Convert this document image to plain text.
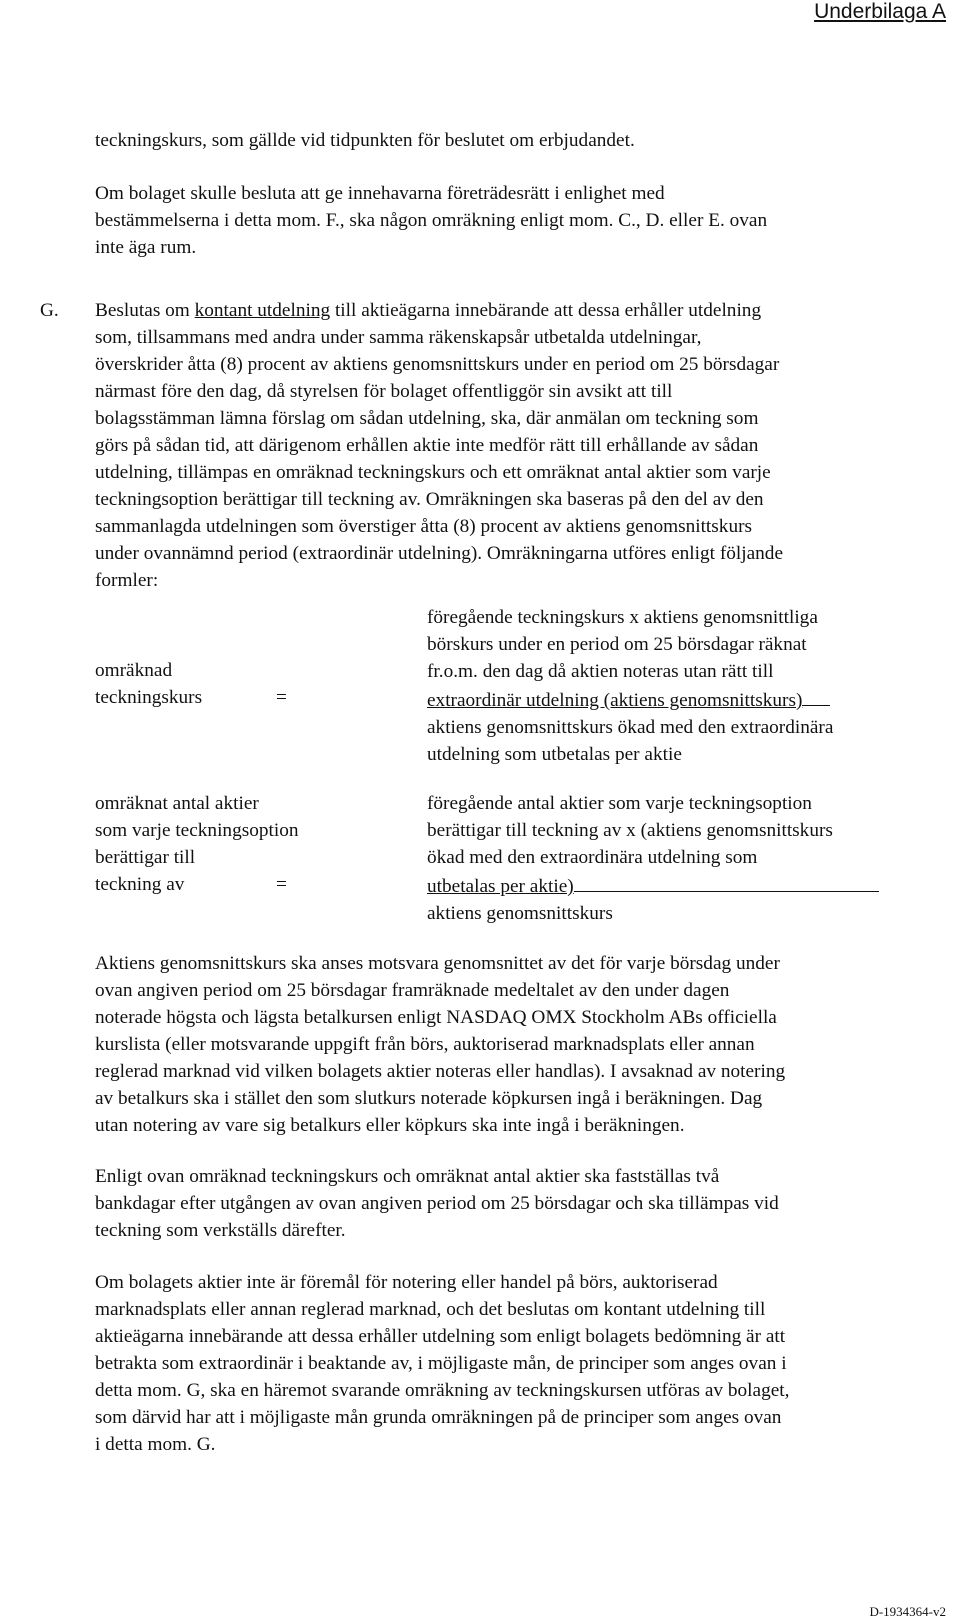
Underbilaga A

teckningskurs, som gällde vid tidpunkten för beslutet om erbjudandet.

Om bolaget skulle besluta att ge innehavarna företrädesrätt i enlighet med
bestämmelserna i detta mom. F., ska någon omräkning enligt mom. C., D. eller E. ovan
inte äga rum.

G. Beslutas om kontant utdelning till aktieägarna innebärande att dessa erhåller utdelning
som, tillsammans med andra under samma räkenskapsår utbetalda utdelningar,
överskrider åtta (8) procent av aktiens genomsnittskurs under en period om 25 börsdagar
närmast före den dag, då styrelsen för bolaget offentliggör sin avsikt att till
bolagsstämman lämna förslag om sådan utdelning, ska, där anmälan om teckning som
görs på sådan tid, att därigenom erhållen aktie inte medför rätt till erhållande av sådan
utdelning, tillämpas en omräknad teckningskurs och ett omräknat antal aktier som varje
teckningsoption berättigar till teckning av. Omräkningen ska baseras på den del av den
sammanlagda utdelningen som överstiger åtta (8) procent av aktiens genomsnittskurs
under ovannämnd period (extraordinär utdelning). Omräkningarna utföres enligt följande
formler:

omräknad
teckningskurs	=
föregående teckningskurs x aktiens genomsnittliga
börskurs under en period om 25 börsdagar räknat
fr.o.m. den dag då aktien noteras utan rätt till
extraordinär utdelning (aktiens genomsnittskurs)
aktiens genomsnittskurs ökad med den extraordinära
utdelning som utbetalas per aktie
omräknat antal aktier
som varje teckningsoption
berättigar till
teckning av	=
föregående antal aktier som varje teckningsoption
berättigar till teckning av x (aktiens genomsnittskurs
ökad med den extraordinära utdelning som
utbetalas per aktie)
aktiens genomsnittskurs

Aktiens genomsnittskurs ska anses motsvara genomsnittet av det för varje börsdag under
ovan angiven period om 25 börsdagar framräknade medeltalet av den under dagen
noterade högsta och lägsta betalkursen enligt NASDAQ OMX Stockholm ABs officiella
kurslista (eller motsvarande uppgift från börs, auktoriserad marknadsplats eller annan
reglerad marknad vid vilken bolagets aktier noteras eller handlas). I avsaknad av notering
av betalkurs ska i stället den som slutkurs noterade köpkursen ingå i beräkningen. Dag
utan notering av vare sig betalkurs eller köpkurs ska inte ingå i beräkningen.

Enligt ovan omräknad teckningskurs och omräknat antal aktier ska fastställas två
bankdagar efter utgången av ovan angiven period om 25 börsdagar och ska tillämpas vid
teckning som verkställs därefter.

Om bolagets aktier inte är föremål för notering eller handel på börs, auktoriserad
marknadsplats eller annan reglerad marknad, och det beslutas om kontant utdelning till
aktieägarna innebärande att dessa erhåller utdelning som enligt bolagets bedömning är att
betrakta som extraordinär i beaktande av, i möjligaste mån, de principer som anges ovan i
detta mom. G, ska en häremot svarande omräkning av teckningskursen utföras av bolaget,
som därvid har att i möjligaste mån grunda omräkningen på de principer som anges ovan
i detta mom. G.

D-1934364-v2
